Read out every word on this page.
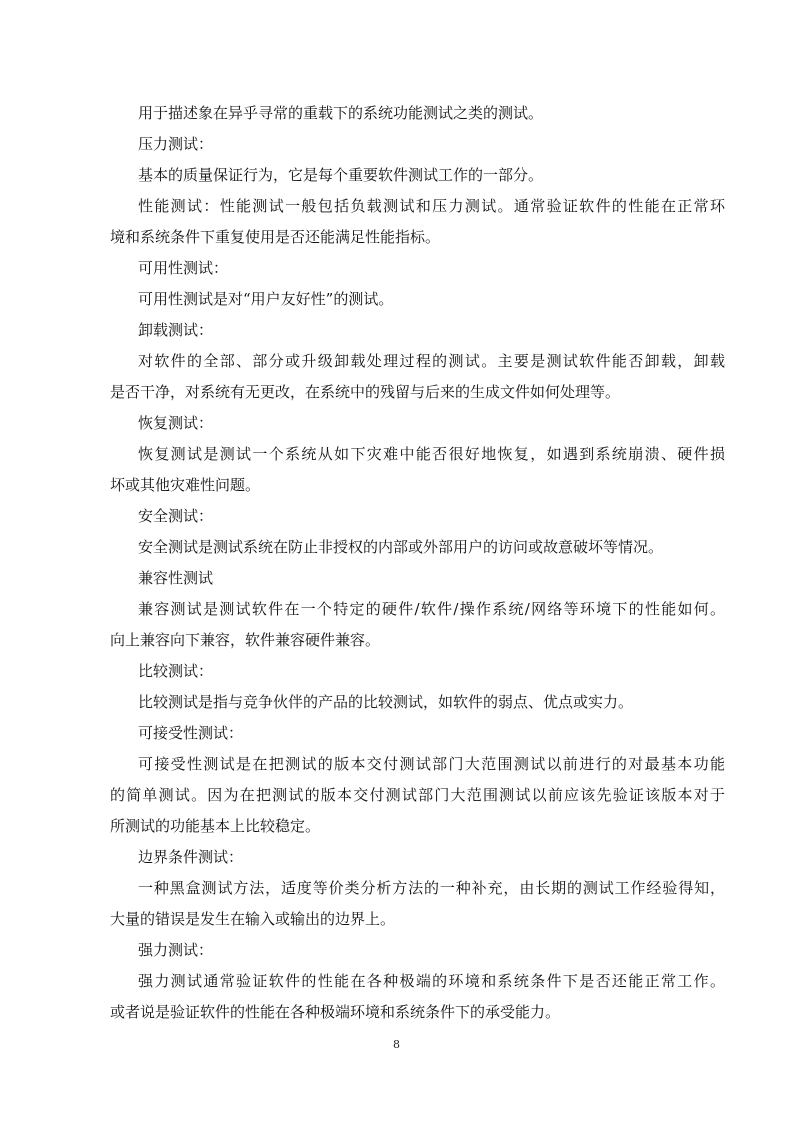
用于描述象在异乎寻常的重载下的系统功能测试之类的测试。
压力测试：
基本的质量保证行为，它是每个重要软件测试工作的一部分。
性能测试：性能测试一般包括负载测试和压力测试。通常验证软件的性能在正常环
境和系统条件下重复使用是否还能满足性能指标。
可用性测试：
可用性测试是对“用户友好性”的测试。
卸载测试：
对软件的全部、部分或升级卸载处理过程的测试。主要是测试软件能否卸载，卸载
是否干净，对系统有无更改，在系统中的残留与后来的生成文件如何处理等。
恢复测试：
恢复测试是测试一个系统从如下灾难中能否很好地恢复，如遇到系统崩溃、硬件损
坏或其他灾难性问题。
安全测试：
安全测试是测试系统在防止非授权的内部或外部用户的访问或故意破坏等情况。
兼容性测试
兼容测试是测试软件在一个特定的硬件/软件/操作系统/网络等环境下的性能如何。
向上兼容向下兼容，软件兼容硬件兼容。
比较测试：
比较测试是指与竞争伙伴的产品的比较测试，如软件的弱点、优点或实力。
可接受性测试：
可接受性测试是在把测试的版本交付测试部门大范围测试以前进行的对最基本功能
的简单测试。因为在把测试的版本交付测试部门大范围测试以前应该先验证该版本对于
所测试的功能基本上比较稳定。
边界条件测试：
一种黑盒测试方法，适度等价类分析方法的一种补充，由长期的测试工作经验得知，
大量的错误是发生在输入或输出的边界上。
强力测试：
强力测试通常验证软件的性能在各种极端的环境和系统条件下是否还能正常工作。
或者说是验证软件的性能在各种极端环境和系统条件下的承受能力。
8
